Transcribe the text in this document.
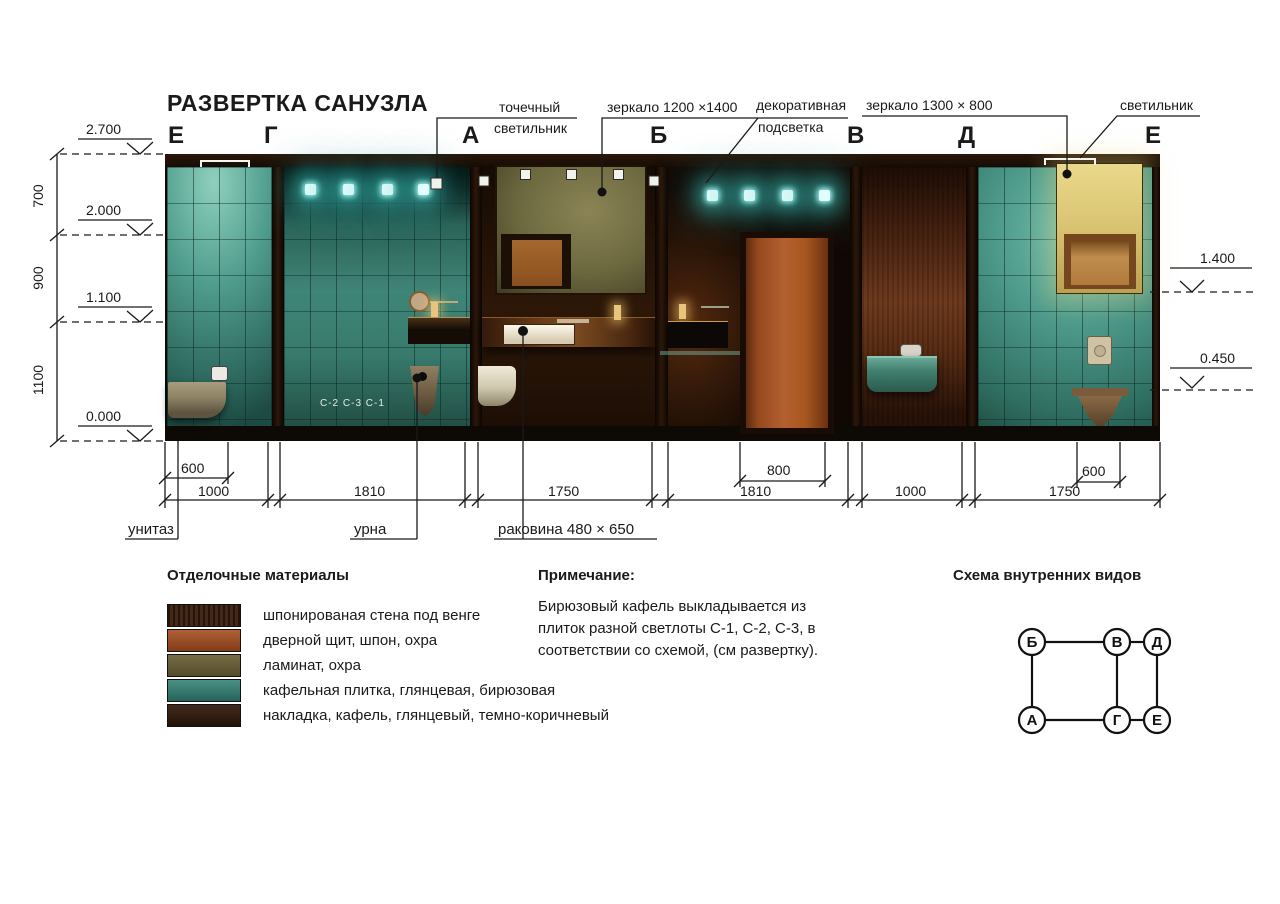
РАЗВЕРТКА САНУЗЛА	точечный
светильник
зеркало 1200 ×1400 декоративная
подсветка
зеркало 1300 × 800	светильник
Е	Г	А	Б	В	Д	Е
2.700
2.000
1.100
0.000
700
900
1100
1.400
0.450
600	800	600
1000	1810	1750	1810	1000	1750
унитаз	урна	раковина 480 × 650
С-2 С-3 С-1
Отделочные материалы
шпонированая стена под венге
дверной щит, шпон, охра
ламинат, охра
кафельная плитка, глянцевая, бирюзовая
накладка, кафель, глянцевый, темно-коричневый
Примечание:
Бирюзовый кафель выкладывается из
плиток разной светлоты С-1, С-2, С-3, в
соответствии со схемой, (см развертку).
Схема внутренних видов
Б	В Д
А	Г Е
